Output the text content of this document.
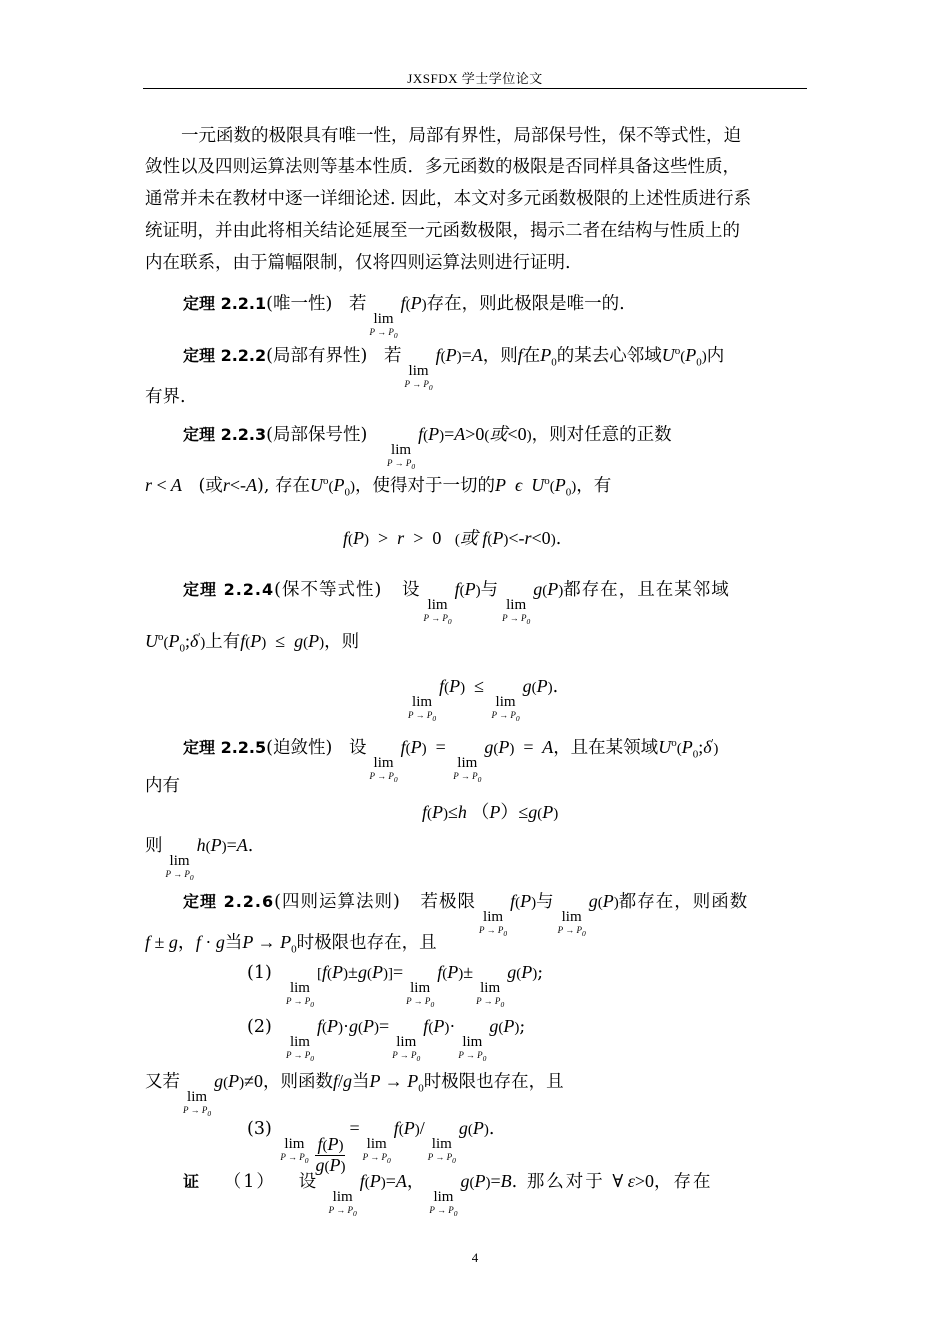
JXSFDX 学士学位论文
一元函数的极限具有唯一性，局部有界性，局部保号性，保不等式性，迫
敛性以及四则运算法则等基本性质．多元函数的极限是否同样具备这些性质，
通常并未在教材中逐一详细论述. 因此，本文对多元函数极限的上述性质进行系
统证明，并由此将相关结论延展至一元函数极限，揭示二者在结构与性质上的
内在联系，由于篇幅限制，仅将四则运算法则进行证明.
定理 2.2.1(唯一性) 若
lim
$P \to P_0$
f(P)存在，则此极限是唯一的.
定理 2.2.2(局部有界性) 若
lim
$P \to P_0$
f(P)=A，则f在$P_0$的某去心邻域$U^o(P_0)$内
有界.
定理 2.2.3(局部保号性)
lim
$P \to P_0$
f(P)=A>0(或<0)，则对任意的正数
r < A (或r<-A), 存在$U^o(P_0)$，使得对于一切的P  ϵ  $U^o(P_0)$，有
f(P) >  r  > 0 (或 f(P)<-r<0).
定理 2.2.4(保不等式性) 设
lim
$P \to P_0$
f(P)与
lim
$P \to P_0$
g(P)都存在，且在某邻域
$U^o(P_0;\delta')$上有f(P) ≤  g(P)，则
lim
$P \to P_0$
f(P) ≤
lim
$P \to P_0$
g(P).
定理 2.2.5(迫敛性) 设
lim
$P \to P_0$
f(P) =
lim
$P \to P_0$
g(P) =  A，且在某领域$U^o(P_0;\delta')$
内有
f(P)≤h （P）≤g(P)
则
lim
$P \to P_0$
h(P)=A.
定理 2.2.6(四则运算法则) 若极限
lim
$P \to P_0$
f(P)与
lim
$P \to P_0$
g(P)都存在，则函数
f ± g，f · g当$P \to P_0$时极限也存在，且
(1)
lim
$P \to P_0$
[f(P)±g(P)]=
lim
$P \to P_0$
f(P)±
lim
$P \to P_0$
g(P);
(2)
lim
$P \to P_0$
f(P)·g(P)=
lim
$P \to P_0$
f(P)·
lim
$P \to P_0$
g(P);
又若
lim
$P \to P_0$
g(P)≠0，则函数f/g当$P \to P_0$时极限也存在，且
(3)
lim
$P \to P_0 \frac{f(P)}{g(P)}$
=
lim
$P \to P_0$
f(P)/
lim
$P \to P_0$
g(P).
证 （1） 设
lim
$P \to P_0$
f(P)=A，
lim
$P \to P_0$
g(P)=B. 那么对于 ∀ ε>0，存在
4
